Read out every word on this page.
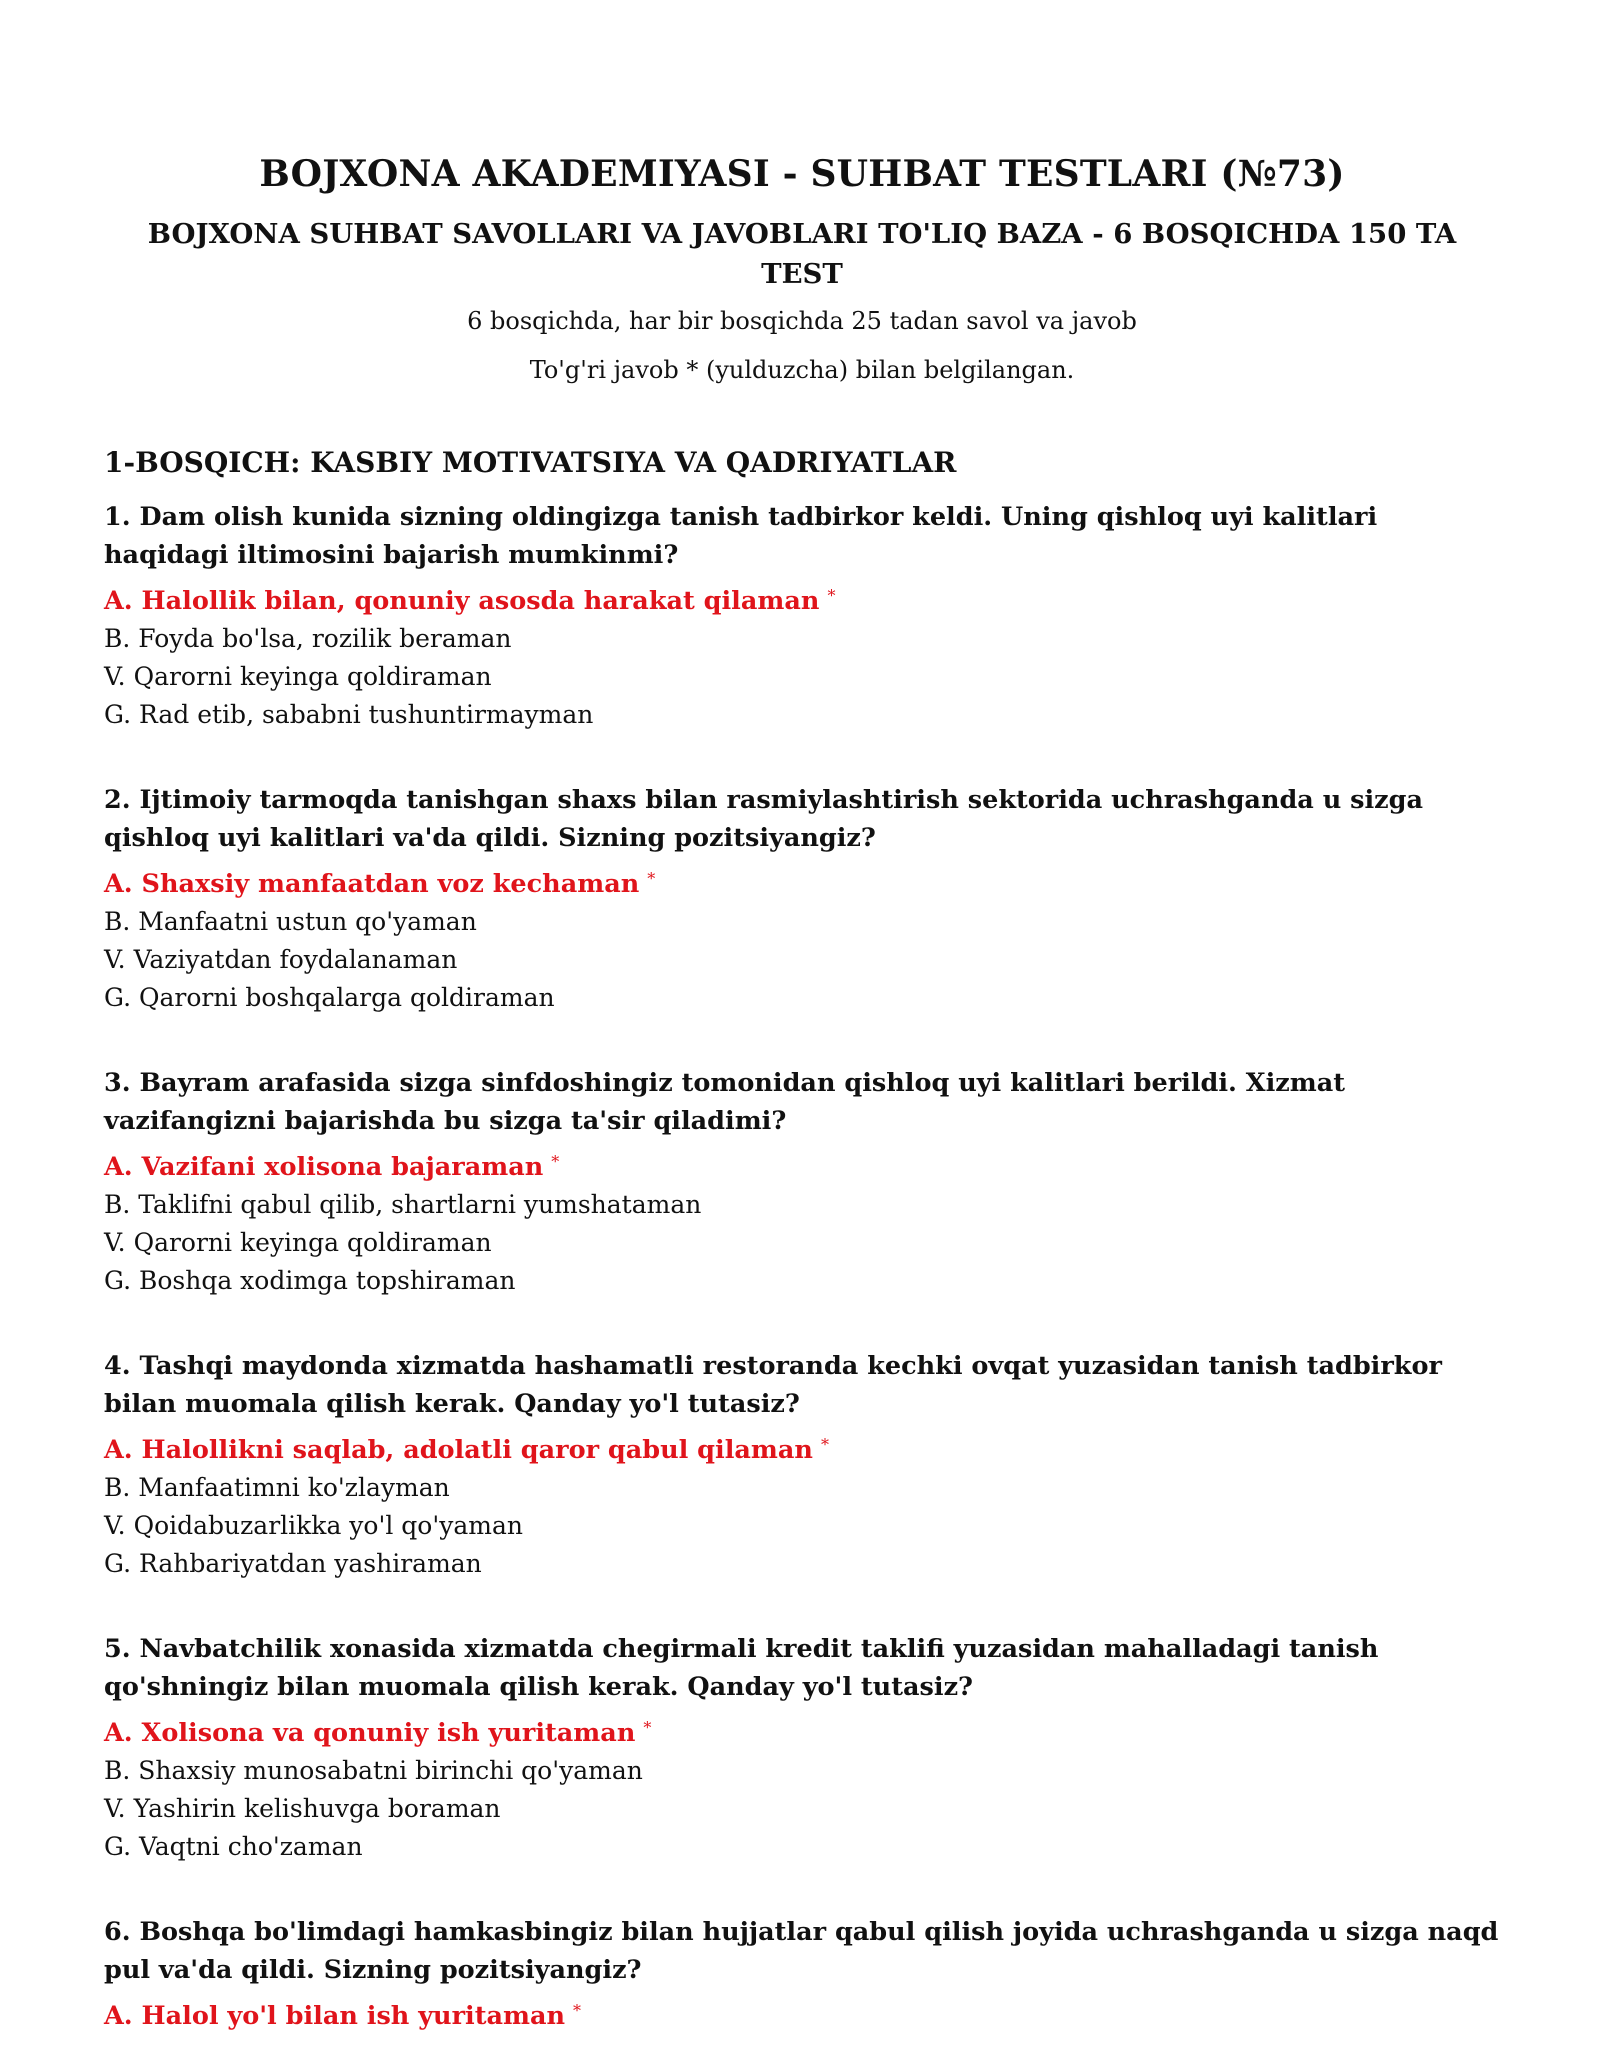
BOJXONA AKADEMIYASI - SUHBAT TESTLARI (№73)
BOJXONA SUHBAT SAVOLLARI VA JAVOBLARI TO'LIQ BAZA - 6 BOSQICHDA 150 TA TEST

6 bosqichda, har bir bosqichda 25 tadan savol va javob

To'g'ri javob * (yulduzcha) bilan belgilangan.

1-BOSQICH: KASBIY MOTIVATSIYA VA QADRIYATLAR

1. Dam olish kunida sizning oldingizga tanish tadbirkor keldi. Uning qishloq uyi kalitlari haqidagi iltimosini bajarish mumkinmi?

A. Halollik bilan, qonuniy asosda harakat qilaman *

B. Foyda bo'lsa, rozilik beraman

V. Qarorni keyinga qoldiraman

G. Rad etib, sababni tushuntirmayman

2. Ijtimoiy tarmoqda tanishgan shaxs bilan rasmiylashtirish sektorida uchrashganda u sizga qishloq uyi kalitlari va'da qildi. Sizning pozitsiyangiz?

A. Shaxsiy manfaatdan voz kechaman *

B. Manfaatni ustun qo'yaman

V. Vaziyatdan foydalanaman

G. Qarorni boshqalarga qoldiraman

3. Bayram arafasida sizga sinfdoshingiz tomonidan qishloq uyi kalitlari berildi. Xizmat vazifangizni bajarishda bu sizga ta'sir qiladimi?

A. Vazifani xolisona bajaraman *

B. Taklifni qabul qilib, shartlarni yumshataman

V. Qarorni keyinga qoldiraman

G. Boshqa xodimga topshiraman

4. Tashqi maydonda xizmatda hashamatli restoranda kechki ovqat yuzasidan tanish tadbirkor bilan muomala qilish kerak. Qanday yo'l tutasiz?

A. Halollikni saqlab, adolatli qaror qabul qilaman *

B. Manfaatimni ko'zlayman

V. Qoidabuzarlikka yo'l qo'yaman

G. Rahbariyatdan yashiraman

5. Navbatchilik xonasida xizmatda chegirmali kredit taklifi yuzasidan mahalladagi tanish qo'shningiz bilan muomala qilish kerak. Qanday yo'l tutasiz?

A. Xolisona va qonuniy ish yuritaman *

B. Shaxsiy munosabatni birinchi qo'yaman

V. Yashirin kelishuvga boraman

G. Vaqtni cho'zaman

6. Boshqa bo'limdagi hamkasbingiz bilan hujjatlar qabul qilish joyida uchrashganda u sizga naqd pul va'da qildi. Sizning pozitsiyangiz?

A. Halol yo'l bilan ish yuritaman *
